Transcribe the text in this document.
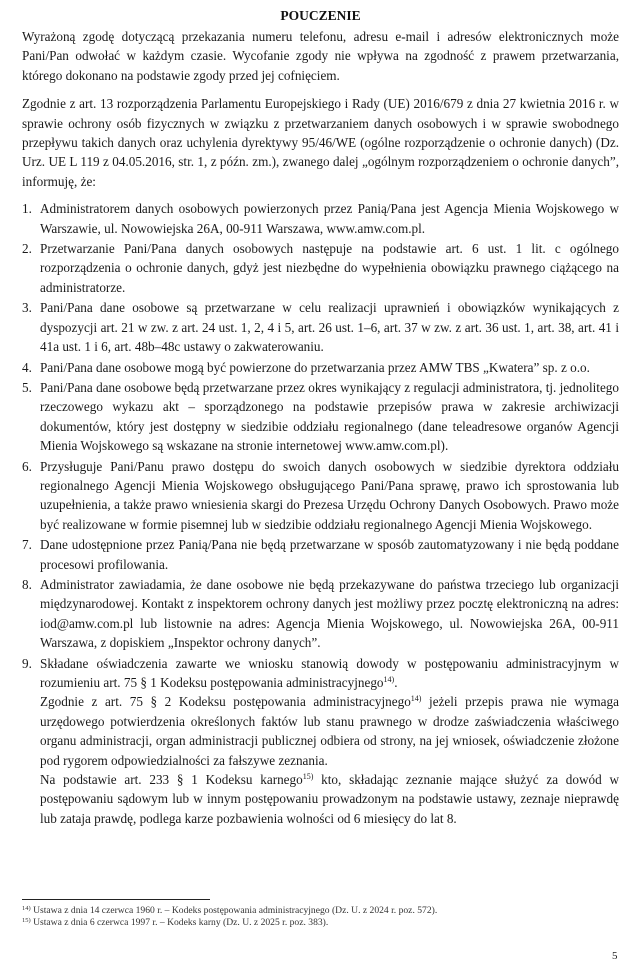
POUCZENIE

Wyrażoną zgodę dotyczącą przekazania numeru telefonu, adresu e-mail i adresów elektronicznych może Pani/Pan odwołać w każdym czasie. Wycofanie zgody nie wpływa na zgodność z prawem przetwarzania, którego dokonano na podstawie zgody przed jej cofnięciem.

Zgodnie z art. 13 rozporządzenia Parlamentu Europejskiego i Rady (UE) 2016/679 z dnia 27 kwietnia 2016 r. w sprawie ochrony osób fizycznych w związku z przetwarzaniem danych osobowych i w sprawie swobodnego przepływu takich danych oraz uchylenia dyrektywy 95/46/WE (ogólne rozporządzenie o ochronie danych) (Dz. Urz. UE L 119 z 04.05.2016, str. 1, z późn. zm.), zwanego dalej „ogólnym rozporządzeniem o ochronie danych”, informuję, że:

1. Administratorem danych osobowych powierzonych przez Panią/Pana jest Agencja Mienia Wojskowego w Warszawie, ul. Nowowiejska 26A, 00-911 Warszawa, www.amw.com.pl.

2. Przetwarzanie Pani/Pana danych osobowych następuje na podstawie art. 6 ust. 1 lit. c ogólnego rozporządzenia o ochronie danych, gdyż jest niezbędne do wypełnienia obowiązku prawnego ciążącego na administratorze.

3. Pani/Pana dane osobowe są przetwarzane w celu realizacji uprawnień i obowiązków wynikających z dyspozycji art. 21 w zw. z art. 24 ust. 1, 2, 4 i 5, art. 26 ust. 1–6, art. 37 w zw. z art. 36 ust. 1, art. 38, art. 41 i 41a ust. 1 i 6, art. 48b–48c ustawy o zakwaterowaniu.

4. Pani/Pana dane osobowe mogą być powierzone do przetwarzania przez AMW TBS „Kwatera” sp. z o.o.

5. Pani/Pana dane osobowe będą przetwarzane przez okres wynikający z regulacji administratora, tj. jednolitego rzeczowego wykazu akt – sporządzonego na podstawie przepisów prawa w zakresie archiwizacji dokumentów, który jest dostępny w siedzibie oddziału regionalnego (dane teleadresowe organów Agencji Mienia Wojskowego są wskazane na stronie internetowej www.amw.com.pl).

6. Przysługuje Pani/Panu prawo dostępu do swoich danych osobowych w siedzibie dyrektora oddziału regionalnego Agencji Mienia Wojskowego obsługującego Pani/Pana sprawę, prawo ich sprostowania lub uzupełnienia, a także prawo wniesienia skargi do Prezesa Urzędu Ochrony Danych Osobowych. Prawo może być realizowane w formie pisemnej lub w siedzibie oddziału regionalnego Agencji Mienia Wojskowego.

7. Dane udostępnione przez Panią/Pana nie będą przetwarzane w sposób zautomatyzowany i nie będą poddane procesowi profilowania.

8. Administrator zawiadamia, że dane osobowe nie będą przekazywane do państwa trzeciego lub organizacji międzynarodowej. Kontakt z inspektorem ochrony danych jest możliwy przez pocztę elektroniczną na adres: iod@amw.com.pl lub listownie na adres: Agencja Mienia Wojskowego, ul. Nowowiejska 26A, 00-911 Warszawa, z dopiskiem „Inspektor ochrony danych”.

9. Składane oświadczenia zawarte we wniosku stanowią dowody w postępowaniu administracyjnym w rozumieniu art. 75 § 1 Kodeksu postępowania administracyjnego$^{14)}$.

Zgodnie z art. 75 § 2 Kodeksu postępowania administracyjnego$^{14)}$ jeżeli przepis prawa nie wymaga urzędowego potwierdzenia określonych faktów lub stanu prawnego w drodze zaświadczenia właściwego organu administracji, organ administracji publicznej odbiera od strony, na jej wniosek, oświadczenie złożone pod rygorem odpowiedzialności za fałszywe zeznania.

Na podstawie art. 233 § 1 Kodeksu karnego$^{15)}$ kto, składając zeznanie mające służyć za dowód w postępowaniu sądowym lub w innym postępowaniu prowadzonym na podstawie ustawy, zeznaje nieprawdę lub zataja prawdę, podlega karze pozbawienia wolności od 6 miesięcy do lat 8.

$^{14)}$ Ustawa z dnia 14 czerwca 1960 r. – Kodeks postępowania administracyjnego (Dz. U. z 2024 r. poz. 572).

$^{15)}$ Ustawa z dnia 6 czerwca 1997 r. – Kodeks karny (Dz. U. z 2025 r. poz. 383).

5
